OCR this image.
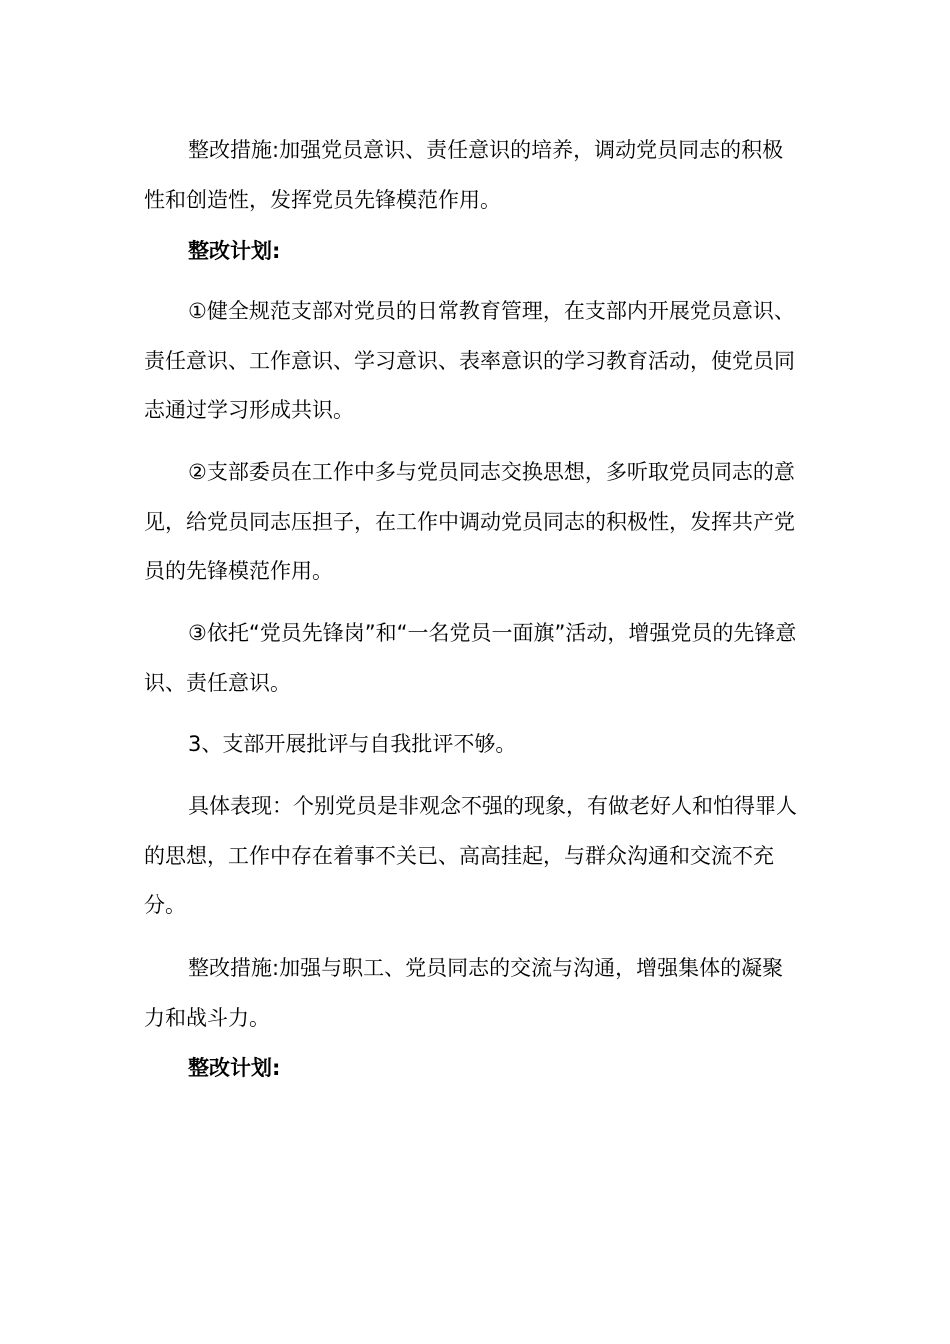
整改措施:加强党员意识、责任意识的培养，调动党员同志的积极性和创造性，发挥党员先锋模范作用。

整改计划:

①健全规范支部对党员的日常教育管理，在支部内开展党员意识、责任意识、工作意识、学习意识、表率意识的学习教育活动，使党员同志通过学习形成共识。

②支部委员在工作中多与党员同志交换思想，多听取党员同志的意见，给党员同志压担子，在工作中调动党员同志的积极性，发挥共产党员的先锋模范作用。

③依托“党员先锋岗”和“一名党员一面旗”活动，增强党员的先锋意识、责任意识。

3、支部开展批评与自我批评不够。

具体表现：个别党员是非观念不强的现象，有做老好人和怕得罪人的思想，工作中存在着事不关已、高高挂起，与群众沟通和交流不充分。

整改措施:加强与职工、党员同志的交流与沟通，增强集体的凝聚力和战斗力。

整改计划:
